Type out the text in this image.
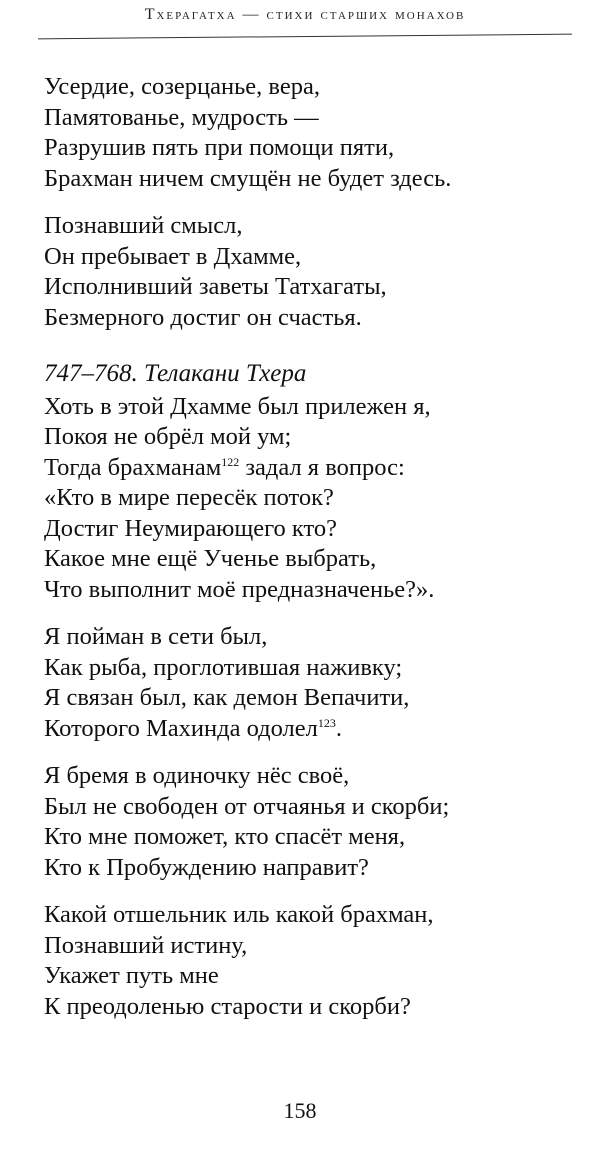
Тхерагатха — стихи старших монахов
Усердие, созерцанье, вера,
Памятованье, мудрость —
Разрушив пять при помощи пяти,
Брахман ничем смущён не будет здесь.
Познавший смысл,
Он пребывает в Дхамме,
Исполнивший заветы Татхагаты,
Безмерного достиг он счастья.
747–768. Телакани Тхера
Хоть в этой Дхамме был прилежен я,
Покоя не обрёл мой ум;
Тогда брахманам$^{122}$ задал я вопрос:
«Кто в мире пересёк поток?
Достиг Неумирающего кто?
Какое мне ещё Ученье выбрать,
Что выполнит моё предназначенье?».
Я пойман в сети был,
Как рыба, проглотившая наживку;
Я связан был, как демон Вепачити,
Которого Махинда одолел$^{123}$.
Я бремя в одиночку нёс своё,
Был не свободен от отчаянья и скорби;
Кто мне поможет, кто спасёт меня,
Кто к Пробуждению направит?
Какой отшельник иль какой брахман,
Познавший истину,
Укажет путь мне
К преодоленью старости и скорби?
158
